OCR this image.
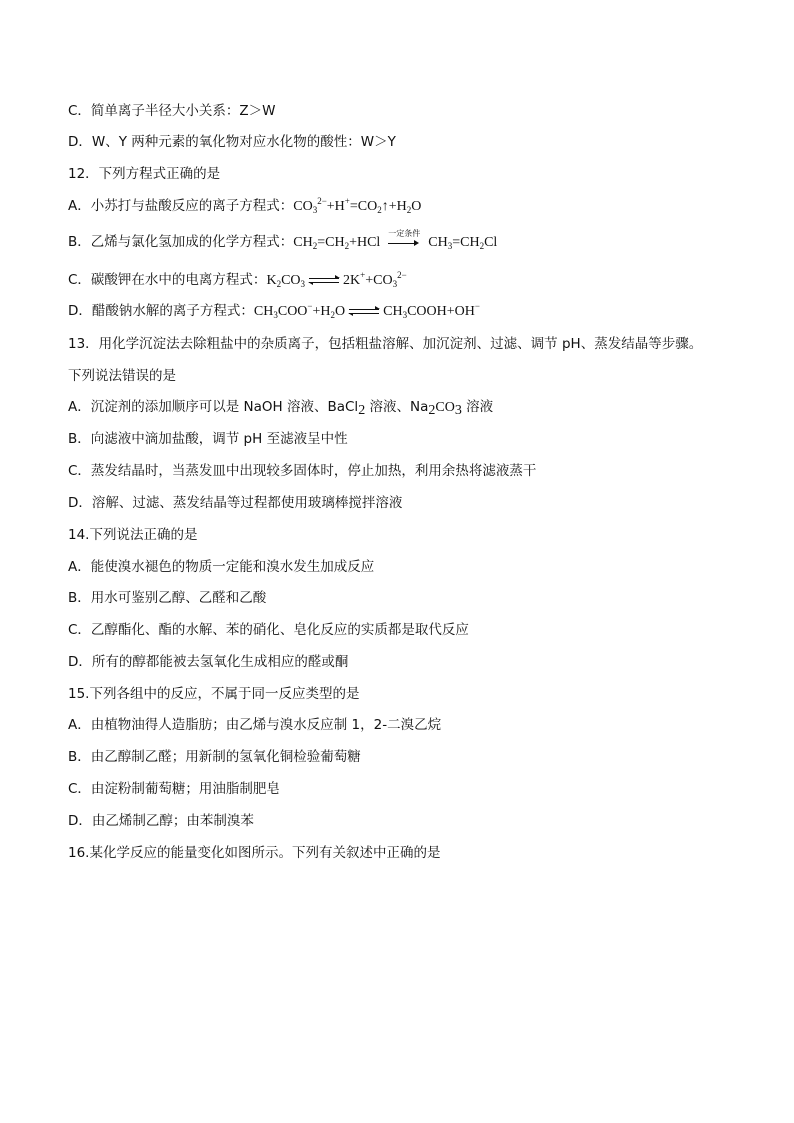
C．简单离子半径大小关系：Z＞W
D．W、Y 两种元素的氧化物对应水化物的酸性：W＞Y
12．下列方程式正确的是
A．小苏打与盐酸反应的离子方程式：$CO_3^{2-}+H^+=CO_2↑+H_2O$
B．乙烯与氯化氢加成的化学方程式：$CH_2=CH_2+HCl$
一定条件
$CH_3=CH_2Cl$
C．碳酸钾在水中的电离方程式：$K_2CO_3$ ⇌ $2K^++CO_3^{2-}$
D．醋酸钠水解的离子方程式：$CH_3COO^-+H_2O$ ⇌ $CH_3COOH+OH^-$
13．用化学沉淀法去除粗盐中的杂质离子，包括粗盐溶解、加沉淀剂、过滤、调节 pH、蒸发结晶等步骤。
下列说法错误的是
A．沉淀剂的添加顺序可以是 NaOH 溶液、BaCl$_2$ 溶液、$Na_2CO_3$ 溶液
B．向滤液中滴加盐酸，调节 pH 至滤液呈中性
C．蒸发结晶时，当蒸发皿中出现较多固体时，停止加热，利用余热将滤液蒸干
D．溶解、过滤、蒸发结晶等过程都使用玻璃棒搅拌溶液
14.下列说法正确的是
A．能使溴水褪色的物质一定能和溴水发生加成反应
B．用水可鉴别乙醇、乙醛和乙酸
C．乙醇酯化、酯的水解、苯的硝化、皂化反应的实质都是取代反应
D．所有的醇都能被去氢氧化生成相应的醛或酮
15.下列各组中的反应，不属于同一反应类型的是
A．由植物油得人造脂肪；由乙烯与溴水反应制 1，2-二溴乙烷
B．由乙醇制乙醛；用新制的氢氧化铜检验葡萄糖
C．由淀粉制葡萄糖；用油脂制肥皂
D．由乙烯制乙醇；由苯制溴苯
16.某化学反应的能量变化如图所示。下列有关叙述中正确的是
